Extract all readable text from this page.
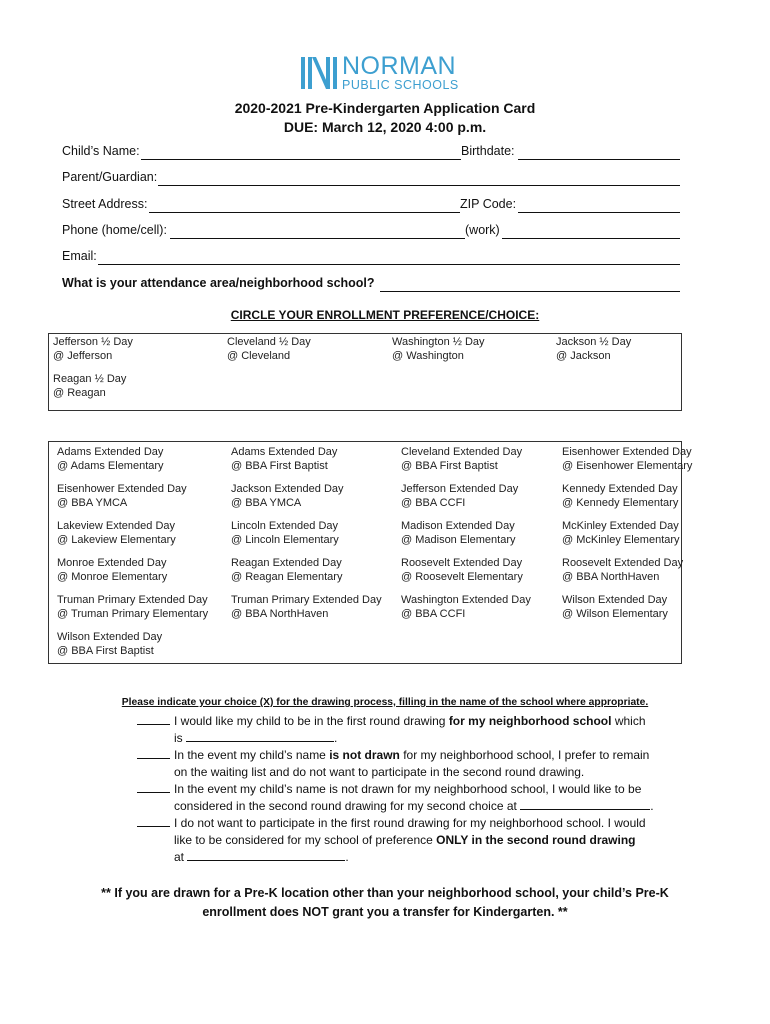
NORMAN
PUBLIC SCHOOLS
2020-2021 Pre-Kindergarten Application Card
DUE: March 12, 2020 4:00 p.m.
Child’s Name:	Birthdate:
Parent/Guardian:
Street Address:	ZIP Code:
Phone (home/cell):	(work)
Email:
What is your attendance area/neighborhood school?
CIRCLE YOUR ENROLLMENT PREFERENCE/CHOICE:
Jefferson ½ Day
@ Jefferson
Cleveland ½ Day
@ Cleveland
Washington ½ Day
@ Washington
Jackson ½ Day
@ Jackson
Reagan ½ Day
@ Reagan
Adams Extended Day
@ Adams Elementary
Adams Extended Day
@ BBA First Baptist
Cleveland Extended Day
@ BBA First Baptist
Eisenhower Extended Day
@ Eisenhower Elementary
Eisenhower Extended Day
@ BBA YMCA
Jackson Extended Day
@ BBA YMCA
Jefferson Extended Day
@ BBA CCFI
Kennedy Extended Day
@ Kennedy Elementary
Lakeview Extended Day
@ Lakeview Elementary
Lincoln Extended Day
@ Lincoln Elementary
Madison Extended Day
@ Madison Elementary
McKinley Extended Day
@ McKinley Elementary
Monroe Extended Day
@ Monroe Elementary
Reagan Extended Day
@ Reagan Elementary
Roosevelt Extended Day
@ Roosevelt Elementary
Roosevelt Extended Day
@ BBA NorthHaven
Truman Primary Extended Day
@ Truman Primary Elementary
Truman Primary Extended Day
@ BBA NorthHaven
Washington Extended Day
@ BBA CCFI
Wilson Extended Day
@ Wilson Elementary
Wilson Extended Day
@ BBA First Baptist
Please indicate your choice (X) for the drawing process, filling in the name of the school where appropriate.
I would like my child to be in the first round drawing for my neighborhood school which
is	.
In the event my child’s name is not drawn for my neighborhood school, I prefer to remain
on the waiting list and do not want to participate in the second round drawing.
In the event my child’s name is not drawn for my neighborhood school, I would like to be
considered in the second round drawing for my second choice at	.
I do not want to participate in the first round drawing for my neighborhood school. I would
like to be considered for my school of preference ONLY in the second round drawing
at	.
** If you are drawn for a Pre-K location other than your neighborhood school, your child’s Pre-K
enrollment does NOT grant you a transfer for Kindergarten. **
